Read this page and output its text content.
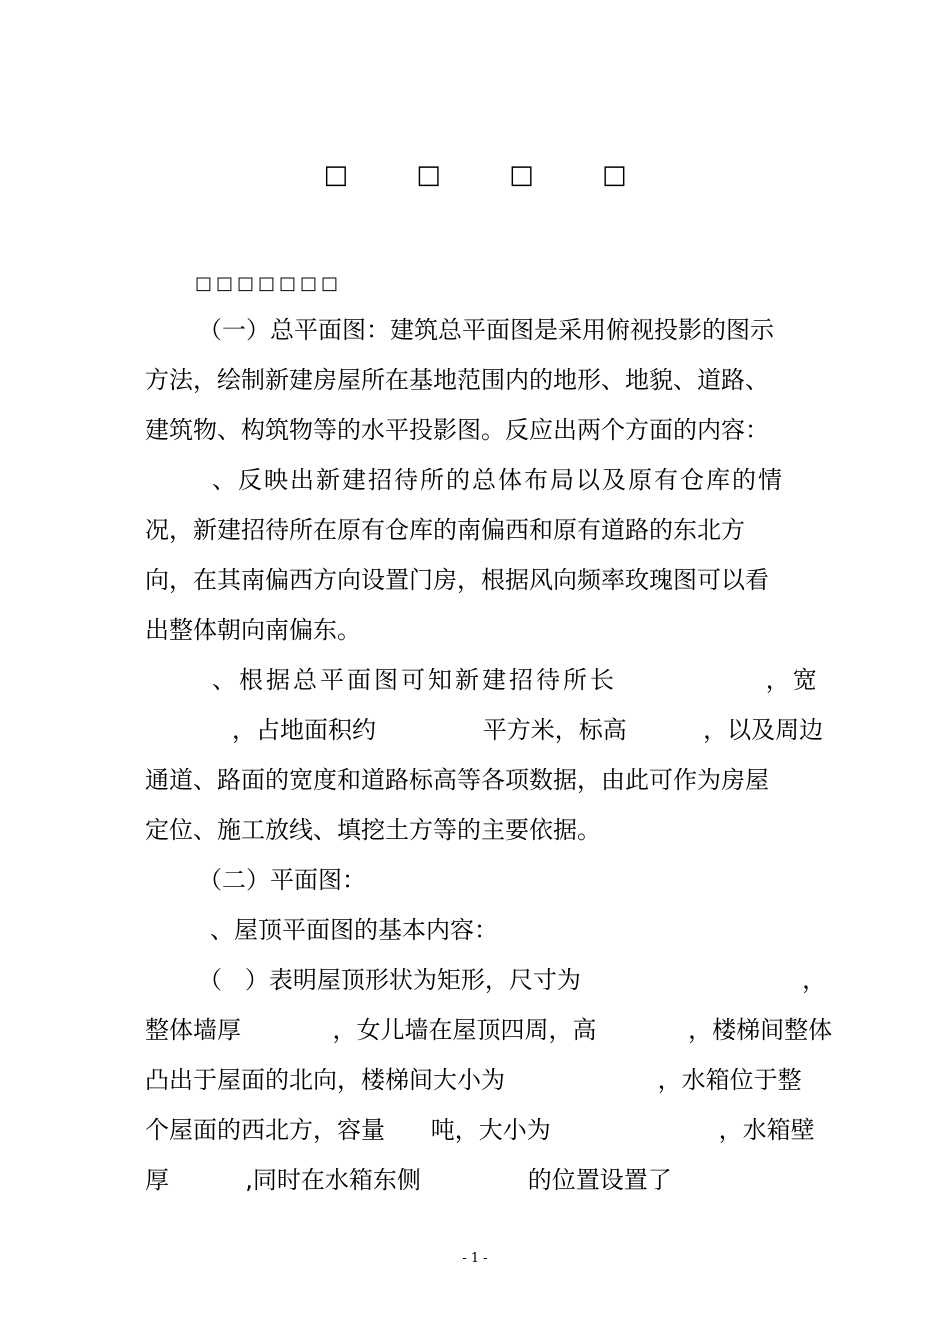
□ □ □ □
□□□□□□□
（一）总平面图：建筑总平面图是采用俯视投影的图示
方法，绘制新建房屋所在基地范围内的地形、地貌、道路、
建筑物、构筑物等的水平投影图。反应出两个方面的内容：
、反映出新建招待所的总体布局以及原有仓库的情
况，新建招待所在原有仓库的南偏西和原有道路的东北方
向，在其南偏西方向设置门房，根据风向频率玫瑰图可以看
出整体朝向南偏东。
、根据总平面图可知新建招待所长              ，宽
，占地面积约              平方米，标高          ，以及周边
通道、路面的宽度和道路标高等各项数据，由此可作为房屋
定位、施工放线、填挖土方等的主要依据。
（二）平面图：
、屋顶平面图的基本内容：
（   ）表明屋顶形状为矩形，尺寸为                             ，
整体墙厚            ，女儿墙在屋顶四周，高            ，楼梯间整体
凸出于屋面的北向，楼梯间大小为                    ，水箱位于整
个屋面的西北方，容量      吨，大小为                      ，水箱壁
厚          ,同时在水箱东侧              的位置设置了
- 1 -
